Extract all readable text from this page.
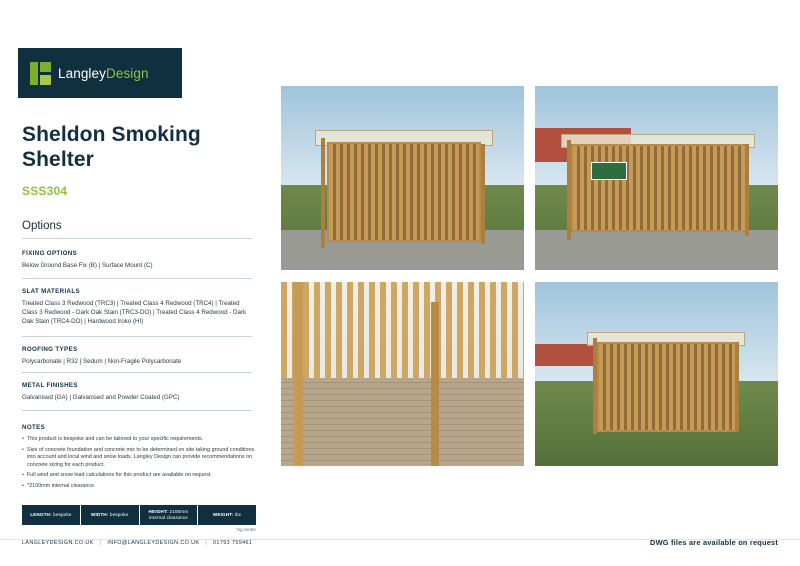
LangleyDesign
Sheldon Smoking Shelter
SSS304
Options
FIXING OPTIONS
Below Ground Base Fix (B) | Surface Mount (C)
SLAT MATERIALS
Treated Class 3 Redwood (TRC3) | Treated Class 4 Redwood (TRC4) | Treated Class 3 Redwood - Dark Oak Stain (TRC3-DO) | Treated Class 4 Redwood - Dark Oak Stain (TRC4-DO) | Hardwood Iroko (HI)
ROOFING TYPES
Polycarbonate | R32 | Sedum | Non-Fragile Polycarbonate
METAL FINISHES
Galvanised (GA) | Galvanised and Powder Coated (GPC)
NOTES
• This product is bespoke and can be tailored to your specific requirements.
• Size of concrete foundation and concrete mix to be determined on site taking ground conditions into account and local wind and snow loads. Langley Design can provide recommendations on concrete sizing for each product.
• Full wind and snow load calculations for this product are available on request.
• *2100mm internal clearance
LENGTH: bespoke	WIDTH: bespoke
HEIGHT: 2100mm internal clearance
WEIGHT: tbc
*eg centre
LANGLEYDESIGN.CO.UK | INFO@LANGLEYDESIGN.CO.UK | 01793 759461	DWG files are available on request
